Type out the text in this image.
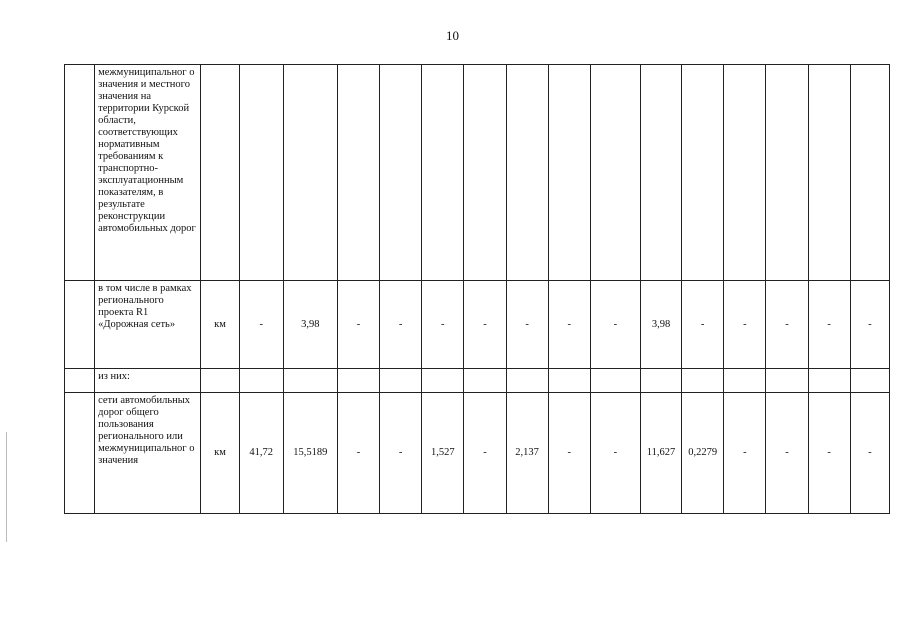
10
	межмуниципальног о значения и местного значения на территории Курской области, соответствующих нормативным требованиям к транспортно-эксплуатационным показателям, в результате реконструкции автомобильных дорог																
	в том числе в рамках регионального проекта R1 «Дорожная сеть»	км	-	3,98	-	-	-	-	-	-	-	3,98	-	-	-	-	-
	из них:																
	сети автомобильных дорог общего пользования регионального или межмуниципальног о значения	км	41,72	15,5189	-	-	1,527	-	2,137	-	-	11,627	0,2279	-	-	-	-
